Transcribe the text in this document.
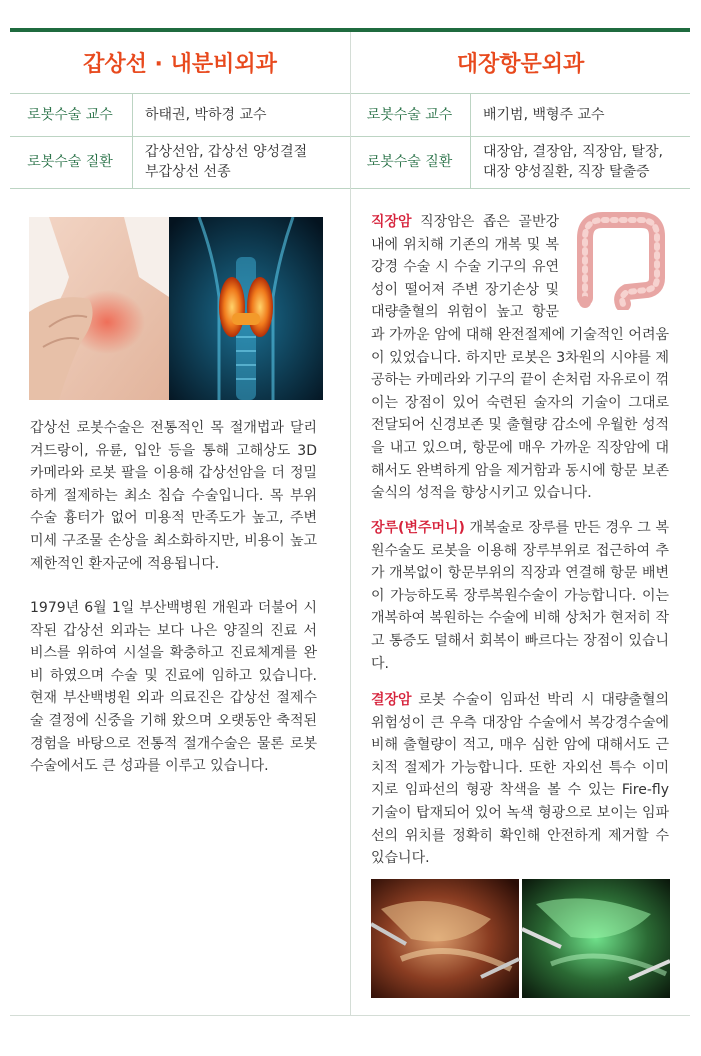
갑상선 · 내분비외과
로봇수술 교수	하태권, 박하경 교수
로봇수술 질환
갑상선암, 갑상선 양성결절
부갑상선 선종
대장항문외과
로봇수술 교수	배기범, 백형주 교수
로봇수술 질환
대장암, 결장암, 직장암, 탈장,
대장 양성질환, 직장 탈출증

갑상선 로봇수술은 전통적인 목 절개법과 달리 겨드랑이, 유륜, 입안 등을 통해 고해상도 3D 카메라와 로봇 팔을 이용해 갑상선암을 더 정밀하게 절제하는 최소 침습 수술입니다. 목 부위 수술 흉터가 없어 미용적 만족도가 높고, 주변 미세 구조물 손상을 최소화하지만, 비용이 높고 제한적인 환자군에 적용됩니다.

1979년 6월 1일 부산백병원 개원과 더불어 시작된 갑상선 외과는 보다 나은 양질의 진료 서비스를 위하여 시설을 확충하고 진료체계를 완비 하였으며 수술 및 진료에 임하고 있습니다. 현재 부산백병원 외과 의료진은 갑상선 절제수술 결정에 신중을 기해 왔으며 오랫동안 축적된 경험을 바탕으로 전통적 절개수술은 물론 로봇 수술에서도 큰 성과를 이루고 있습니다.

직장암 직장암은 좁은 골반강 내에 위치해 기존의 개복 및 복강경 수술 시 수술 기구의 유연성이 떨어져 주변 장기손상 및 대량출혈의 위험이 높고 항문과 가까운 암에 대해 완전절제에 기술적인 어려움이 있었습니다. 하지만 로봇은 3차원의 시야를 제공하는 카메라와 기구의 끝이 손처럼 자유로이 꺾이는 장점이 있어 숙련된 술자의 기술이 그대로 전달되어 신경보존 및 출혈량 감소에 우월한 성적을 내고 있으며, 항문에 매우 가까운 직장암에 대해서도 완벽하게 암을 제거함과 동시에 항문 보존술식의 성적을 향상시키고 있습니다.

장루(변주머니) 개복술로 장루를 만든 경우 그 복원수술도 로봇을 이용해 장루부위로 접근하여 추가 개복없이 항문부위의 직장과 연결해 항문 배변이 가능하도록 장루복원수술이 가능합니다. 이는 개복하여 복원하는 수술에 비해 상처가 현저히 작고 통증도 덜해서 회복이 빠르다는 장점이 있습니다.

결장암 로봇 수술이 임파선 박리 시 대량출혈의 위험성이 큰 우측 대장암 수술에서 복강경수술에 비해 출혈량이 적고, 매우 심한 암에 대해서도 근치적 절제가 가능합니다. 또한 자외선 특수 이미지로 임파선의 형광 착색을 볼 수 있는 Fire-fly 기술이 탑재되어 있어 녹색 형광으로 보이는 임파선의 위치를 정확히 확인해 안전하게 제거할 수 있습니다.
